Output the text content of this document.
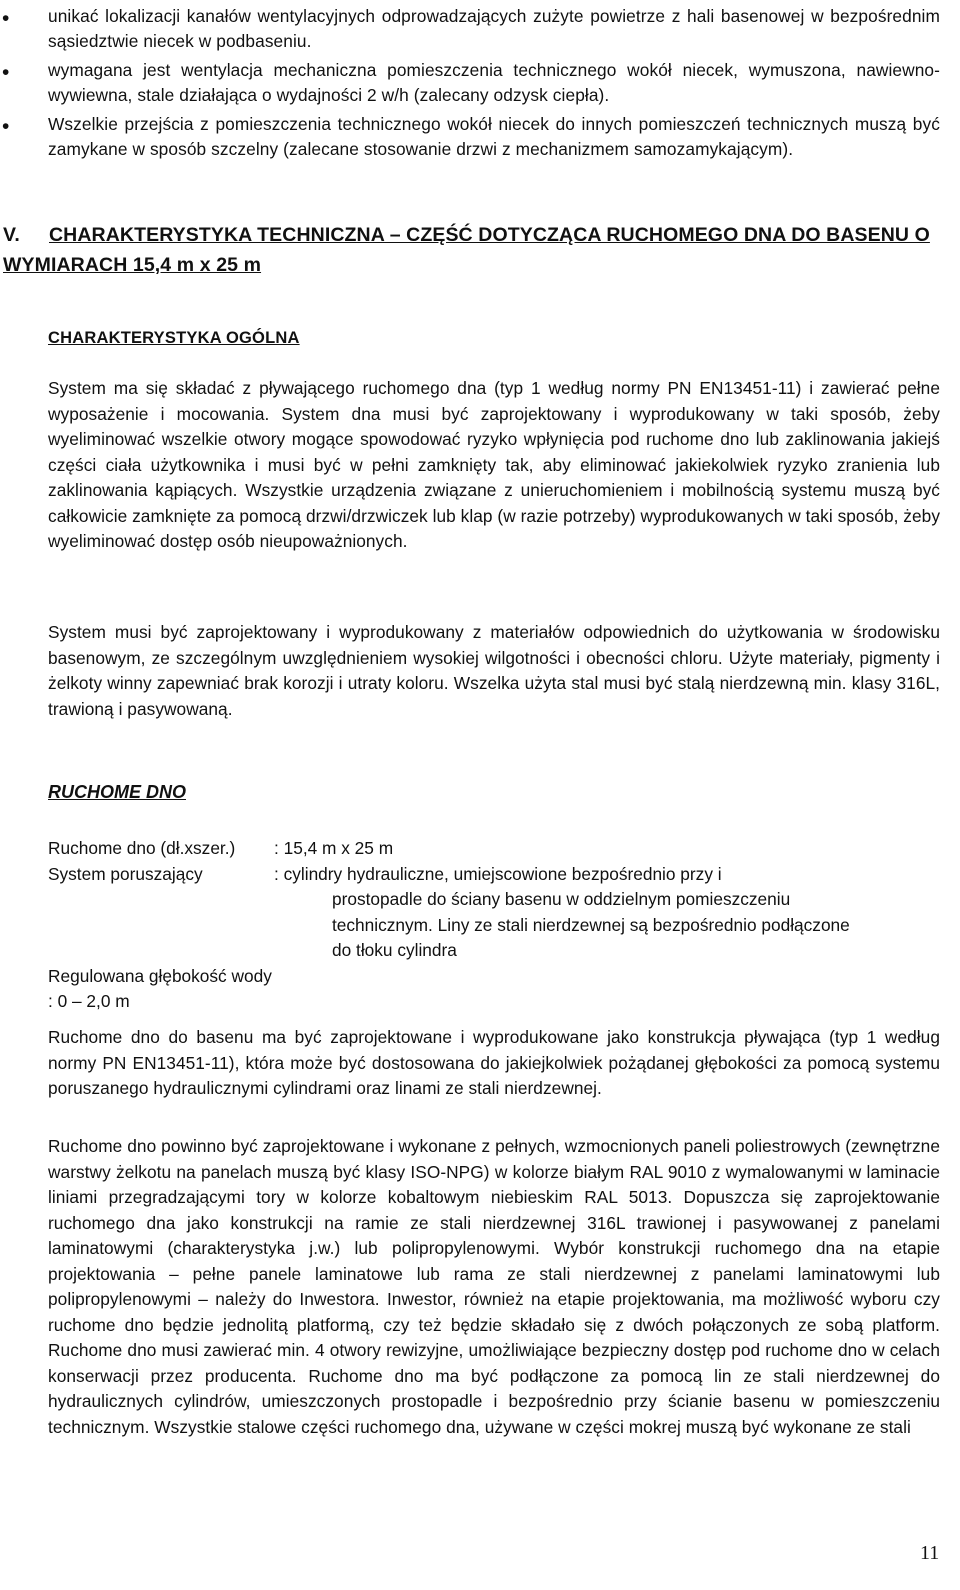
• unikać lokalizacji kanałów wentylacyjnych odprowadzających zużyte powietrze z hali basenowej w bezpośrednim sąsiedztwie niecek w podbaseniu.
• wymagana jest wentylacja mechaniczna pomieszczenia technicznego wokół niecek, wymuszona, nawiewno-wywiewna, stale działająca o wydajności 2 w/h (zalecany odzysk ciepła).
• Wszelkie przejścia z pomieszczenia technicznego wokół niecek do innych pomieszczeń technicznych muszą być zamykane w sposób szczelny (zalecane stosowanie drzwi z mechanizmem samozamykającym).
V. CHARAKTERYSTYKA TECHNICZNA – CZĘŚĆ DOTYCZĄCA RUCHOMEGO DNA DO BASENU O WYMIARACH 15,4 m x 25 m
CHARAKTERYSTYKA OGÓLNA

System ma się składać z pływającego ruchomego dna (typ 1 według normy PN EN13451-11) i zawierać pełne wyposażenie i mocowania. System dna musi być zaprojektowany i wyprodukowany w taki sposób, żeby wyeliminować wszelkie otwory mogące spowodować ryzyko wpłynięcia pod ruchome dno lub zaklinowania jakiejś części ciała użytkownika i musi być w pełni zamknięty tak, aby eliminować jakiekolwiek ryzyko zranienia lub zaklinowania kąpiących. Wszystkie urządzenia związane z unieruchomieniem i mobilnością systemu muszą być całkowicie zamknięte za pomocą drzwi/drzwiczek lub klap (w razie potrzeby) wyprodukowanych w taki sposób, żeby wyeliminować dostęp osób nieupoważnionych.

System musi być zaprojektowany i wyprodukowany z materiałów odpowiednich do użytkowania w środowisku basenowym, ze szczególnym uwzględnieniem wysokiej wilgotności i obecności chloru. Użyte materiały, pigmenty i żelkoty winny zapewniać brak korozji i utraty koloru. Wszelka użyta stal musi być stalą nierdzewną min. klasy 316L, trawioną i pasywowaną.

RUCHOME DNO
Ruchome dno (dł.xszer.) : 15,4 m x 25 m
System poruszający	: cylindry hydrauliczne, umiejscowione bezpośrednio przy i
prostopadle do ściany basenu w oddzielnym pomieszczeniu
technicznym. Liny ze stali nierdzewnej są bezpośrednio podłączone
do tłoku cylindra
Regulowana głębokość wody: 0 – 2,0 m

Ruchome dno do basenu ma być zaprojektowane i wyprodukowane jako konstrukcja pływająca (typ 1 według normy PN EN13451-11), która może być dostosowana do jakiejkolwiek pożądanej głębokości za pomocą systemu poruszanego hydraulicznymi cylindrami oraz linami ze stali nierdzewnej.

Ruchome dno powinno być zaprojektowane i wykonane z pełnych, wzmocnionych paneli poliestrowych (zewnętrzne warstwy żelkotu na panelach muszą być klasy ISO-NPG) w kolorze białym RAL 9010 z wymalowanymi w laminacie liniami przegradzającymi tory w kolorze kobaltowym niebieskim RAL 5013. Dopuszcza się zaprojektowanie ruchomego dna jako konstrukcji na ramie ze stali nierdzewnej 316L trawionej i pasywowanej z panelami laminatowymi (charakterystyka j.w.) lub polipropylenowymi. Wybór konstrukcji ruchomego dna na etapie projektowania – pełne panele laminatowe lub rama ze stali nierdzewnej z panelami laminatowymi lub polipropylenowymi – należy do Inwestora. Inwestor, również na etapie projektowania, ma możliwość wyboru czy ruchome dno będzie jednolitą platformą, czy też będzie składało się z dwóch połączonych ze sobą platform. Ruchome dno musi zawierać min. 4 otwory rewizyjne, umożliwiające bezpieczny dostęp pod ruchome dno w celach konserwacji przez producenta. Ruchome dno ma być podłączone za pomocą lin ze stali nierdzewnej do hydraulicznych cylindrów, umieszczonych prostopadle i bezpośrednio przy ścianie basenu w pomieszczeniu technicznym. Wszystkie stalowe części ruchomego dna, używane w części mokrej muszą być wykonane ze stali

11
